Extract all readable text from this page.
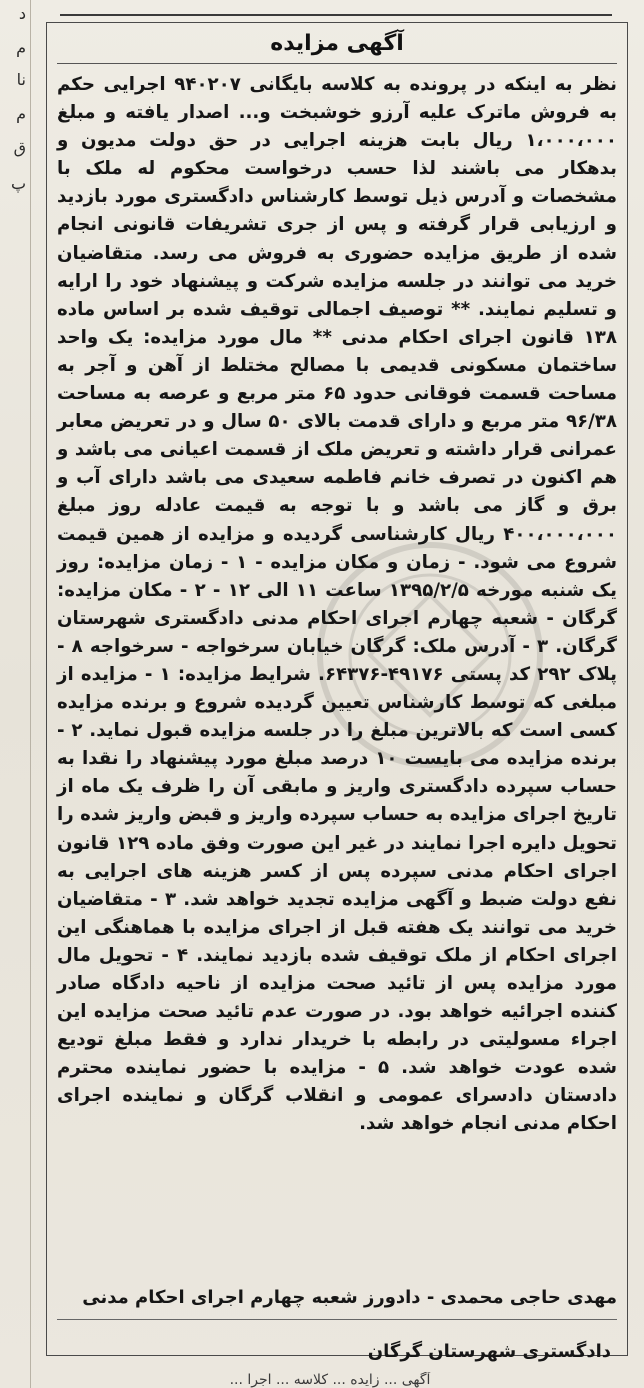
د
م
نا
م
ق
پ
آگهی مزایده
نظر به اینکه در پرونده به کلاسه بایگانی ۹۴۰۲۰۷ اجرایی حکم به فروش ماترک علیه آرزو خوشبخت و... اصدار یافته و مبلغ ۱،۰۰۰،۰۰۰ ریال بابت هزینه اجرایی در حق دولت مدیون و بدهکار می باشند لذا حسب درخواست محکوم له ملک با مشخصات و آدرس ذیل توسط کارشناس دادگستری مورد بازدید و ارزیابی قرار گرفته و پس از جری تشریفات قانونی انجام شده از طریق مزایده حضوری به فروش می رسد. متقاضیان خرید می توانند در جلسه مزایده شرکت و پیشنهاد خود را ارایه و تسلیم نمایند. ** توصیف اجمالی توقیف شده بر اساس ماده ۱۳۸ قانون اجرای احکام مدنی ** مال مورد مزایده: یک واحد ساختمان مسکونی قدیمی با مصالح مختلط از آهن و آجر به مساحت قسمت فوقانی حدود ۶۵ متر مربع و عرصه به مساحت ۹۶/۳۸ متر مربع و دارای قدمت بالای ۵۰ سال و در تعریض معابر عمرانی قرار داشته و تعریض ملک از قسمت اعیانی می باشد و هم اکنون در تصرف خانم فاطمه سعیدی می باشد دارای آب و برق و گاز می باشد و با توجه به قیمت عادله روز مبلغ ۴۰۰،۰۰۰،۰۰۰ ریال کارشناسی گردیده و مزایده از همین قیمت شروع می شود. - زمان و مکان مزایده - ۱ - زمان مزایده: روز یک شنبه مورخه ۱۳۹۵/۲/۵ ساعت ۱۱ الی ۱۲ - ۲ - مکان مزایده: گرگان - شعبه چهارم اجرای احکام مدنی دادگستری شهرستان گرگان. ۳ - آدرس ملک: گرگان خیابان سرخواجه - سرخواجه ۸ - پلاک ۲۹۲ کد پستی ۴۹۱۷۶-۶۴۳۷۶. شرایط مزایده: ۱ - مزایده از مبلغی که توسط کارشناس تعیین گردیده شروع و برنده مزایده کسی است که بالاترین مبلغ را در جلسه مزایده قبول نماید. ۲ - برنده مزایده می بایست ۱۰ درصد مبلغ مورد پیشنهاد را نقدا به حساب سپرده دادگستری واریز و مابقی آن را ظرف یک ماه از تاریخ اجرای مزایده به حساب سپرده واریز و قبض واریز شده را تحویل دایره اجرا نمایند در غیر این صورت وفق ماده ۱۲۹ قانون اجرای احکام مدنی سپرده پس از کسر هزینه های اجرایی به نفع دولت ضبط و آگهی مزایده تجدید خواهد شد. ۳ - متقاضیان خرید می توانند یک هفته قبل از اجرای مزایده با هماهنگی این اجرای احکام از ملک توقیف شده بازدید نمایند. ۴ - تحویل مال مورد مزایده پس از تائید صحت مزایده از ناحیه دادگاه صادر کننده اجرائیه خواهد بود. در صورت عدم تائید صحت مزایده این اجراء مسولیتی در رابطه با خریدار ندارد و فقط مبلغ تودیع شده عودت خواهد شد. ۵ - مزایده با حضور نماینده محترم دادستان دادسرای عمومی و انقلاب گرگان و نماینده اجرای احکام مدنی انجام خواهد شد.
مهدی حاجی محمدی - دادورز شعبه چهارم اجرای احکام مدنی
دادگستری شهرستان گرگان
آگهی ... زایده ... کلاسه ... اجرا ...
